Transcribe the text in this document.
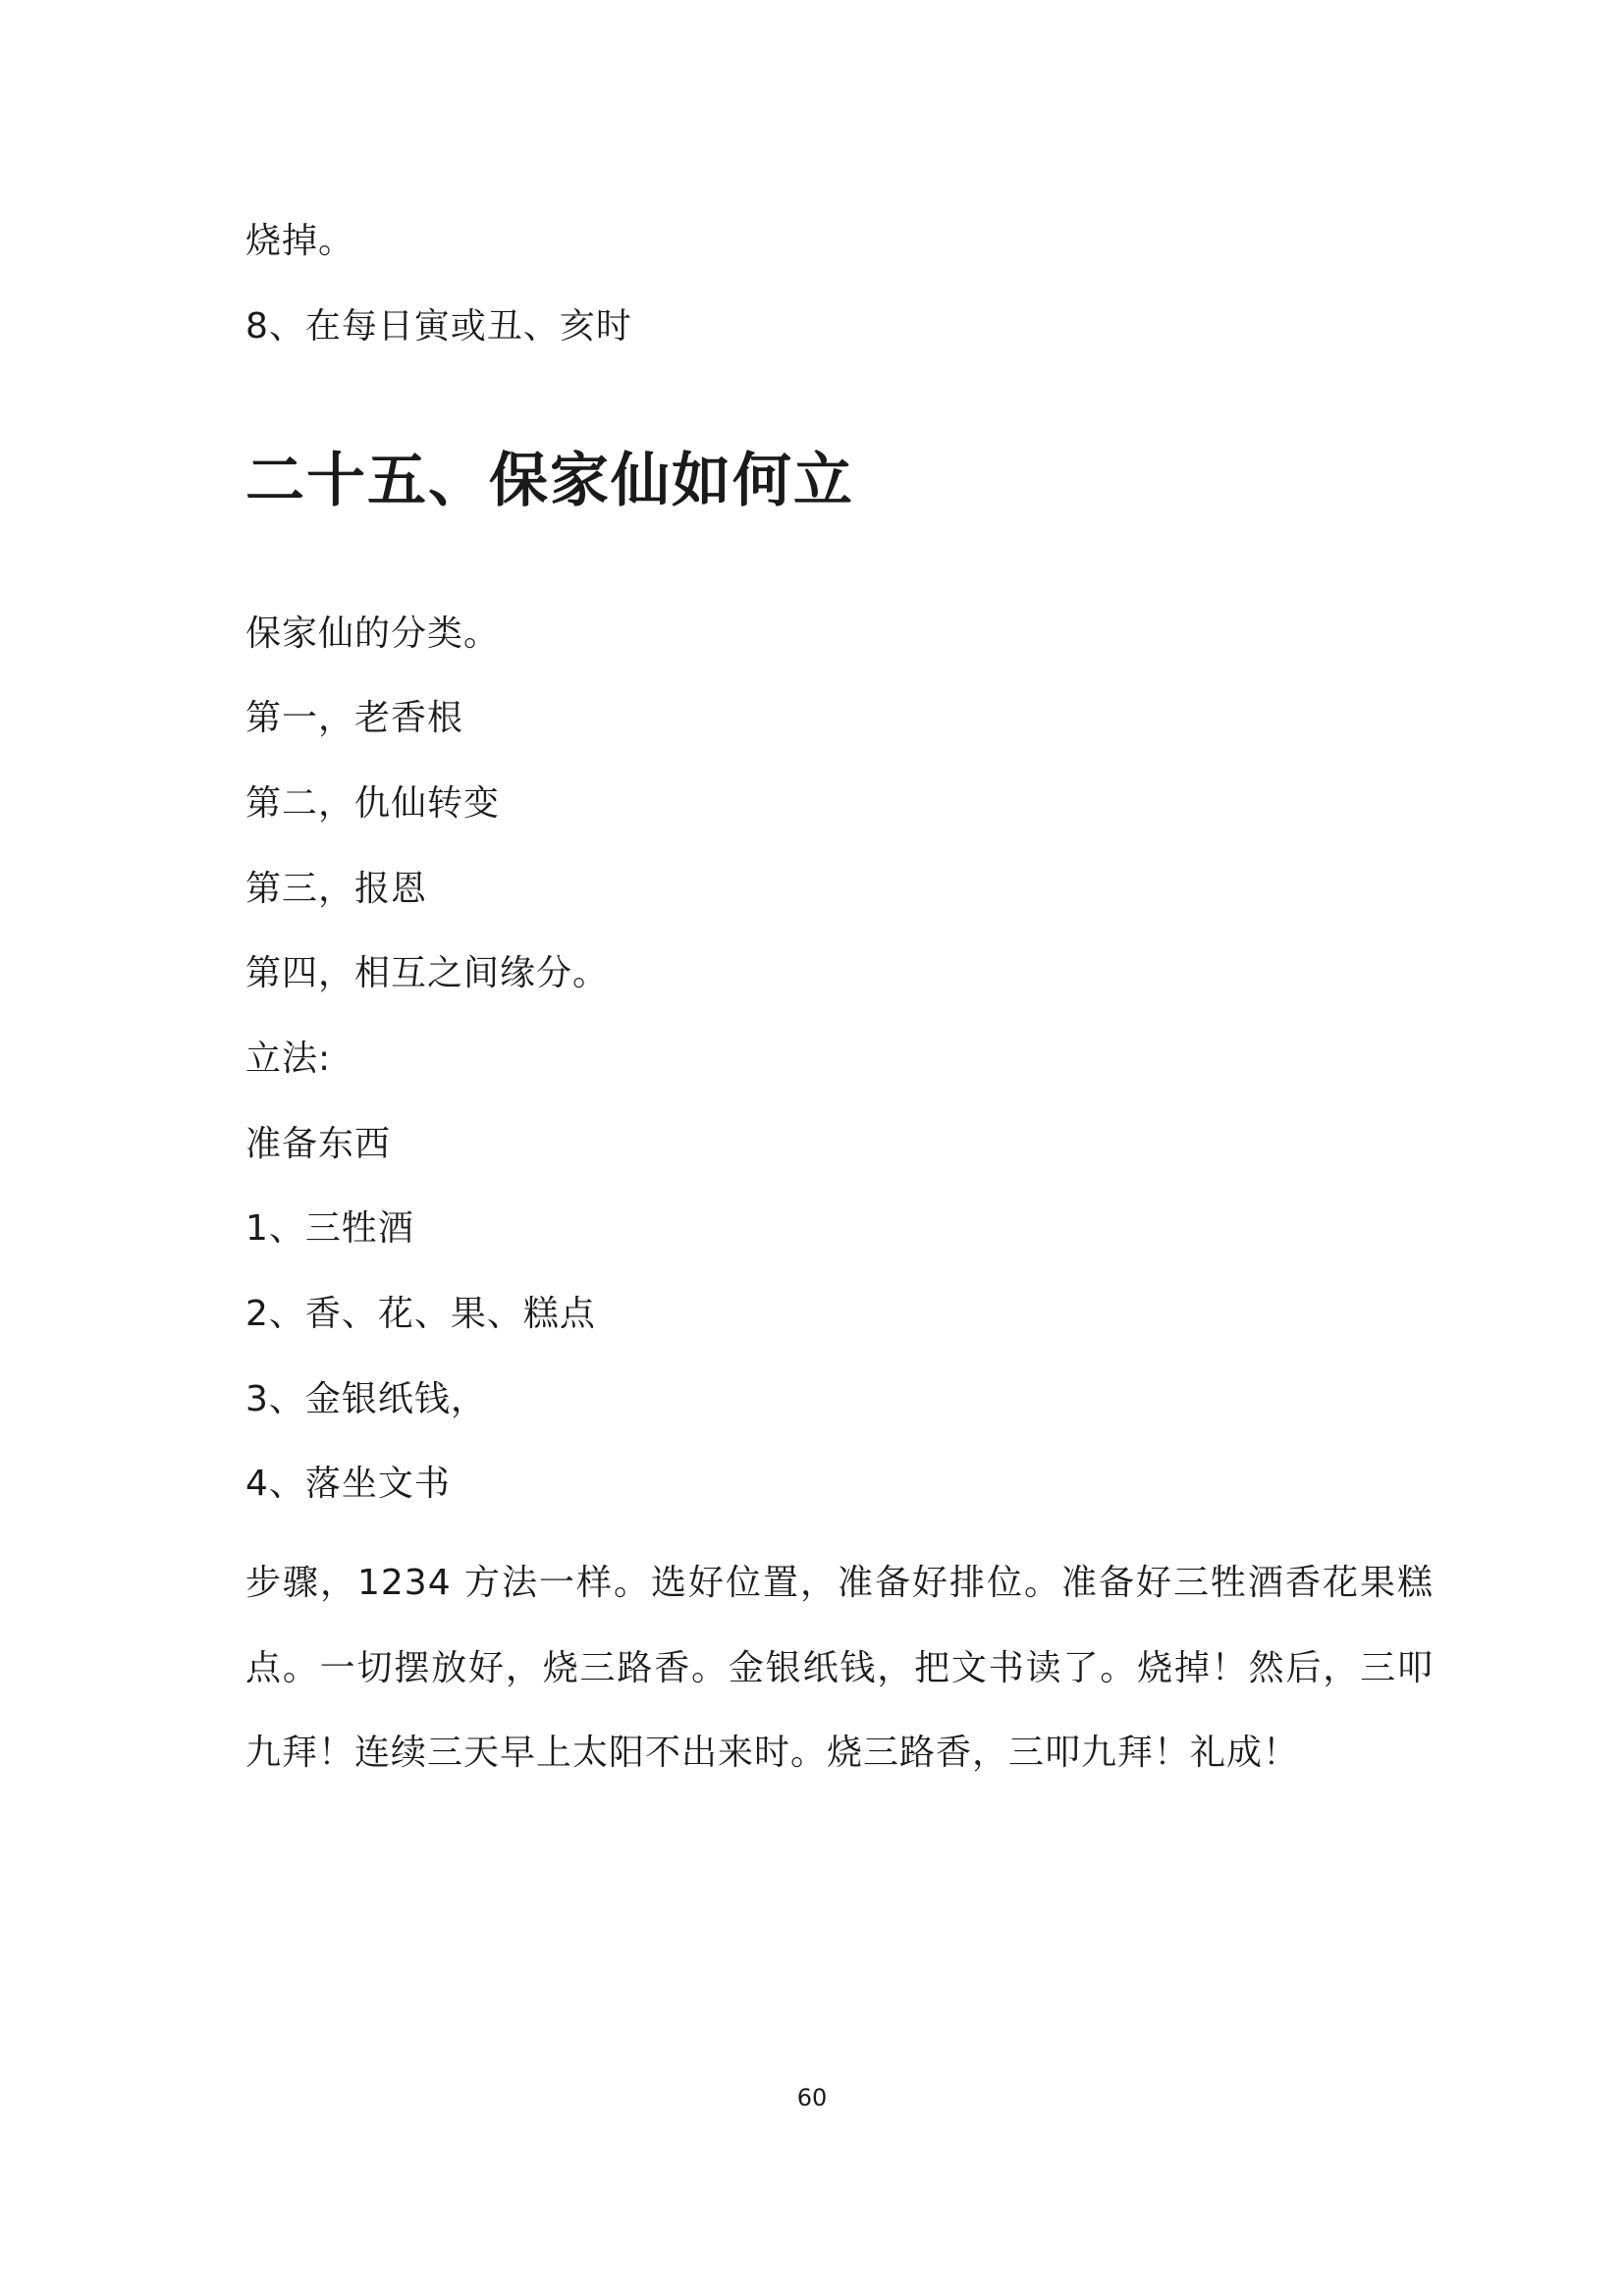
烧掉。
8、在每日寅或丑、亥时
二十五、保家仙如何立
保家仙的分类。
第一，老香根
第二，仇仙转变
第三，报恩
第四，相互之间缘分。
立法:
准备东西
1、三牲酒
2、香、花、果、糕点
3、金银纸钱，
4、落坐文书
步骤，1234 方法一样。选好位置，准备好排位。准备好三牲酒香花果糕点。一切摆放好，烧三路香。金银纸钱，把文书读了。烧掉！然后，三叩九拜！连续三天早上太阳不出来时。烧三路香，三叩九拜！礼成！
60
